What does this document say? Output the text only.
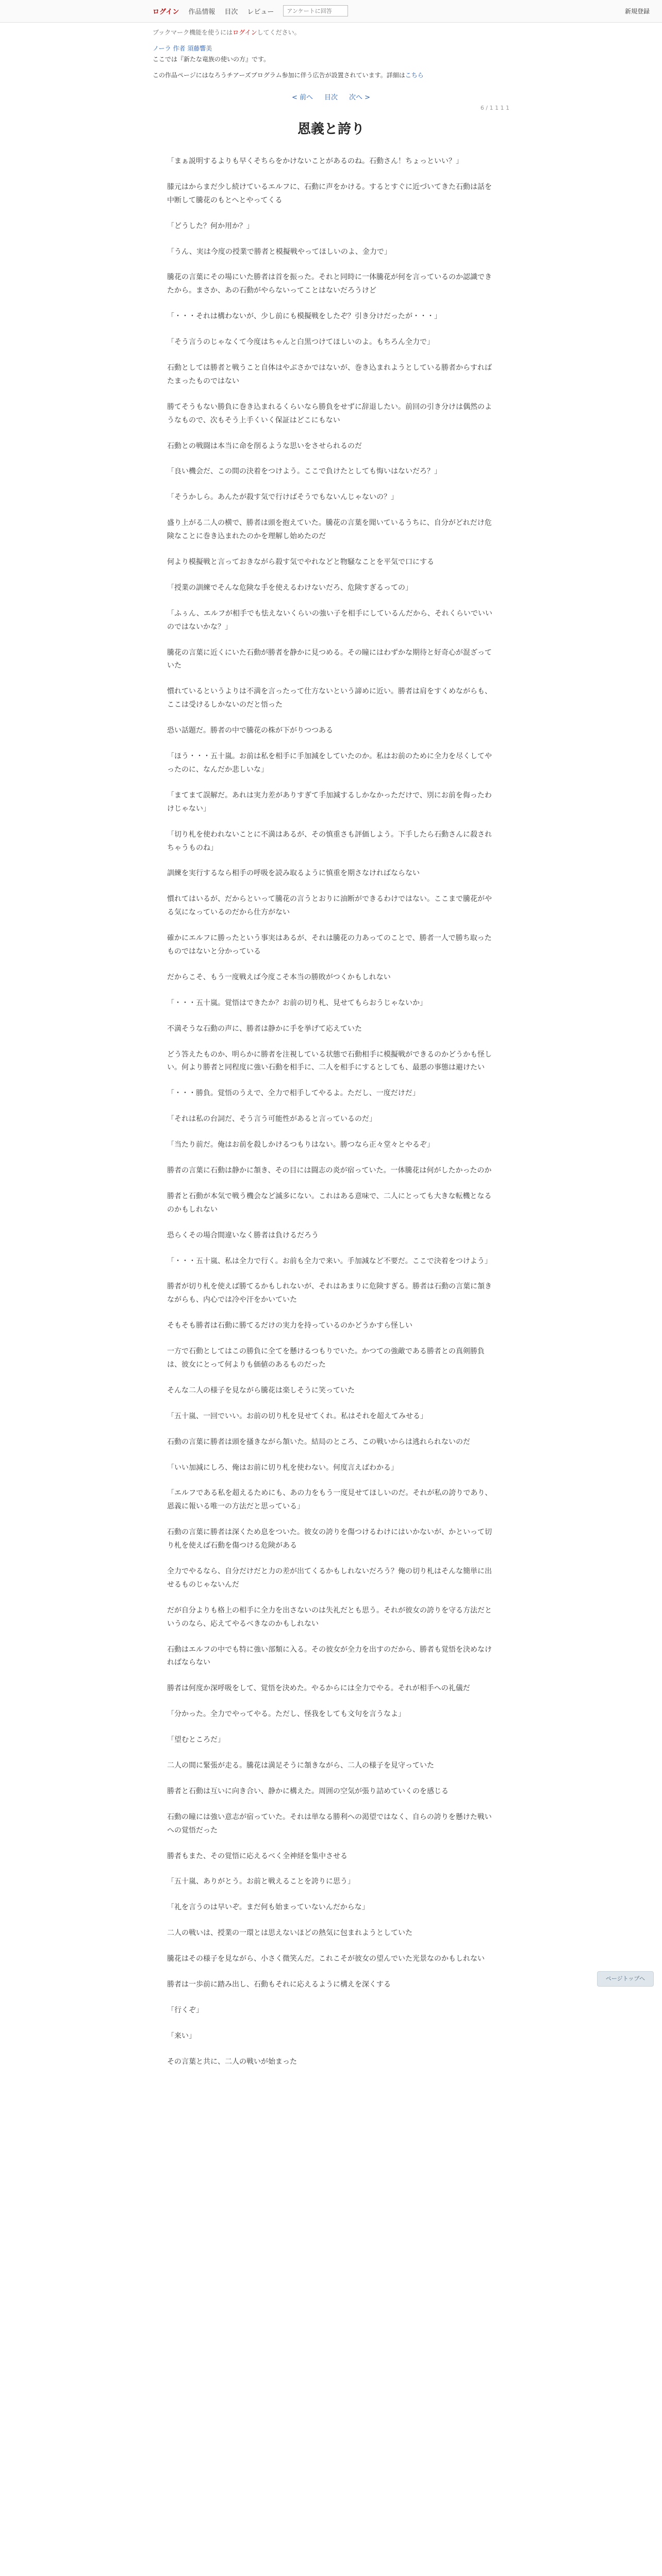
ログイン 作品情報 目次 レビュー
アンケートに回答	新規登録
ブックマーク機能を使うにはログインしてください。
ノーラ 作者 須藤響美
ここでは『新たな竜族の使いの方』です。
この作品ページにはなろうチアーズプログラム参加に伴う広告が設置されています。詳細はこちら
< 前へ 目次 次へ >
6 / 1 1 1 1
恩義と誇り

「まぁ説明するよりも早くそちらをかけないことがあるのね。石動さん！ちょっといい？」

膝元はからまだ少し続けているエルフに、石動に声をかける。するとすぐに近づいてきた石動は話を中断して騰花のもとへとやってくる

「どうした？何か用か？」

「うん、実は今度の授業で勝者と模擬戦やってほしいのよ、金力で」

騰花の言葉にその場にいた勝者は首を振った。それと同時に一体騰花が何を言っているのか認識できたから。まさか、あの石動がやらないってことはないだろうけど

「・・・それは構わないが、少し前にも模擬戦をしたぞ？引き分けだったが・・・」

「そう言うのじゃなくて今度はちゃんと白黒つけてほしいのよ。もちろん全力で」

石動としては勝者と戦うこと自体はやぶさかではないが、巻き込まれようとしている勝者からすればたまったものではない

勝てそうもない勝負に巻き込まれるくらいなら勝負をせずに辞退したい。前回の引き分けは偶然のようなもので、次もそう上手くいく保証はどこにもない

石動との戦闘は本当に命を削るような思いをさせられるのだ

「良い機会だ、この間の決着をつけよう。ここで負けたとしても悔いはないだろ？」

「そうかしら。あんたが殺す気で行けばそうでもないんじゃないの？」

盛り上がる二人の横で、勝者は頭を抱えていた。騰花の言葉を聞いているうちに、自分がどれだけ危険なことに巻き込まれたのかを理解し始めたのだ

何より模擬戦と言っておきながら殺す気でやれなどと物騒なことを平気で口にする

「授業の訓練でそんな危険な手を使えるわけないだろ、危険すぎるっての」

「ふぅん、エルフが相手でも怯えないくらいの強い子を相手にしているんだから、それくらいでいいのではないかな？」

騰花の言葉に近くにいた石動が勝者を静かに見つめる。その瞳にはわずかな期待と好奇心が混ざっていた

慣れているというよりは不満を言ったって仕方ないという諦めに近い。勝者は肩をすくめながらも、ここは受けるしかないのだと悟った

恐い話題だ。勝者の中で騰花の株が下がりつつある

「ほう・・・五十嵐。お前は私を相手に手加減をしていたのか。私はお前のために全力を尽くしてやったのに、なんだか悲しいな」

「まてまて誤解だ。あれは実力差がありすぎて手加減するしかなかっただけで、別にお前を侮ったわけじゃない」

「切り札を使われないことに不満はあるが、その慎重さも評価しよう。下手したら石動さんに殺されちゃうものね」

訓練を実行するなら相手の呼吸を読み取るように慎重を期さなければならない

慣れてはいるが、だからといって騰花の言うとおりに油断ができるわけではない。ここまで騰花がやる気になっているのだから仕方がない

確かにエルフに勝ったという事実はあるが、それは騰花の力あってのことで、勝者一人で勝ち取ったものではないと分かっている

だからこそ、もう一度戦えば今度こそ本当の勝敗がつくかもしれない

「・・・五十嵐。覚悟はできたか？お前の切り札、見せてもらおうじゃないか」

不満そうな石動の声に、勝者は静かに手を挙げて応えていた

どう答えたものか、明らかに勝者を注視している状態で石動相手に模擬戦ができるのかどうかも怪しい。何より勝者と同程度に強い石動を相手に、二人を相手にするとしても、最悪の事態は避けたい

「・・・勝負。覚悟のうえで、全力で相手してやるよ。ただし、一度だけだ」

「それは私の台詞だ、そう言う可能性があると言っているのだ」

「当たり前だ。俺はお前を殺しかけるつもりはない。勝つなら正々堂々とやるぞ」

勝者の言葉に石動は静かに頷き、その目には闘志の炎が宿っていた。一体騰花は何がしたかったのか

勝者と石動が本気で戦う機会など滅多にない。これはある意味で、二人にとっても大きな転機となるのかもしれない

恐らくその場合間違いなく勝者は負けるだろう

「・・・五十嵐、私は全力で行く。お前も全力で来い。手加減など不要だ。ここで決着をつけよう」

勝者が切り札を使えば勝てるかもしれないが、それはあまりに危険すぎる。勝者は石動の言葉に頷きながらも、内心では冷や汗をかいていた

そもそも勝者は石動に勝てるだけの実力を持っているのかどうかすら怪しい

一方で石動としてはこの勝負に全てを懸けるつもりでいた。かつての強敵である勝者との真剣勝負は、彼女にとって何よりも価値のあるものだった

そんな二人の様子を見ながら騰花は楽しそうに笑っていた

「五十嵐、一回でいい。お前の切り札を見せてくれ。私はそれを超えてみせる」

石動の言葉に勝者は頭を搔きながら頷いた。結局のところ、この戦いからは逃れられないのだ

「いい加減にしろ、俺はお前に切り札を使わない。何度言えばわかる」

「エルフである私を超えるためにも、あの力をもう一度見せてほしいのだ。それが私の誇りであり、恩義に報いる唯一の方法だと思っている」

石動の言葉に勝者は深くため息をついた。彼女の誇りを傷つけるわけにはいかないが、かといって切り札を使えば石動を傷つける危険がある

全力でやるなら、自分だけだと力の差が出てくるかもしれないだろう？俺の切り札はそんな簡単に出せるものじゃないんだ

だが自分よりも格上の相手に全力を出さないのは失礼だとも思う。それが彼女の誇りを守る方法だというのなら、応えてやるべきなのかもしれない

石動はエルフの中でも特に強い部類に入る。その彼女が全力を出すのだから、勝者も覚悟を決めなければならない

勝者は何度か深呼吸をして、覚悟を決めた。やるからには全力でやる。それが相手への礼儀だ

「分かった。全力でやってやる。ただし、怪我をしても文句を言うなよ」

「望むところだ」

二人の間に緊張が走る。騰花は満足そうに頷きながら、二人の様子を見守っていた

勝者と石動は互いに向き合い、静かに構えた。周囲の空気が張り詰めていくのを感じる

石動の瞳には強い意志が宿っていた。それは単なる勝利への渇望ではなく、自らの誇りを懸けた戦いへの覚悟だった

勝者もまた、その覚悟に応えるべく全神経を集中させる

「五十嵐、ありがとう。お前と戦えることを誇りに思う」

「礼を言うのは早いぞ。まだ何も始まっていないんだからな」

二人の戦いは、授業の一環とは思えないほどの熱気に包まれようとしていた

騰花はその様子を見ながら、小さく微笑んだ。これこそが彼女の望んでいた光景なのかもしれない

勝者は一歩前に踏み出し、石動もそれに応えるように構えを深くする

「行くぞ」

「来い」

その言葉と共に、二人の戦いが始まった

ページトップへ
